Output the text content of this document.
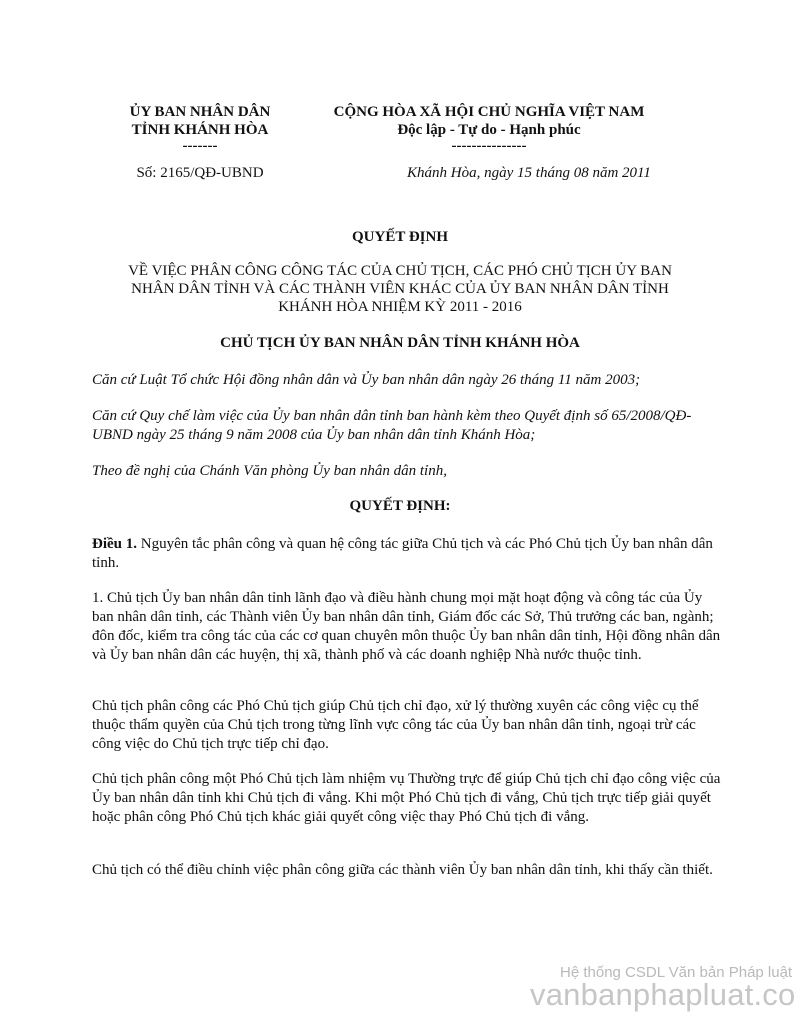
ỦY BAN NHÂN DÂN
TỈNH KHÁNH HÒA
-------
Số: 2165/QĐ-UBND
CỘNG HÒA XÃ HỘI CHỦ NGHĨA VIỆT NAM
Độc lập - Tự do - Hạnh phúc
---------------
Khánh Hòa, ngày 15 tháng 08 năm 2011
QUYẾT ĐỊNH
VỀ VIỆC PHÂN CÔNG CÔNG TÁC CỦA CHỦ TỊCH, CÁC PHÓ CHỦ TỊCH ỦY BAN
NHÂN DÂN TỈNH VÀ CÁC THÀNH VIÊN KHÁC CỦA ỦY BAN NHÂN DÂN TỈNH
KHÁNH HÒA NHIỆM KỲ 2011 - 2016
CHỦ TỊCH ỦY BAN NHÂN DÂN TỈNH KHÁNH HÒA
Căn cứ Luật Tổ chức Hội đồng nhân dân và Ủy ban nhân dân ngày 26 tháng 11 năm 2003;
Căn cứ Quy chế làm việc của Ủy ban nhân dân tỉnh ban hành kèm theo Quyết định số 65/2008/QĐ-UBND ngày 25 tháng 9 năm 2008 của Ủy ban nhân dân tỉnh Khánh Hòa;
Theo đề nghị của Chánh Văn phòng Ủy ban nhân dân tỉnh,
QUYẾT ĐỊNH:
Điều 1. Nguyên tắc phân công và quan hệ công tác giữa Chủ tịch và các Phó Chủ tịch Ủy ban nhân dân tỉnh.
1. Chủ tịch Ủy ban nhân dân tỉnh lãnh đạo và điều hành chung mọi mặt hoạt động và công tác của Ủy ban nhân dân tỉnh, các Thành viên Ủy ban nhân dân tỉnh, Giám đốc các Sở, Thủ trưởng các ban, ngành; đôn đốc, kiểm tra công tác của các cơ quan chuyên môn thuộc Ủy ban nhân dân tỉnh, Hội đồng nhân dân và Ủy ban nhân dân các huyện, thị xã, thành phố và các doanh nghiệp Nhà nước thuộc tỉnh.
Chủ tịch phân công các Phó Chủ tịch giúp Chủ tịch chỉ đạo, xử lý thường xuyên các công việc cụ thể thuộc thẩm quyền của Chủ tịch trong từng lĩnh vực công tác của Ủy ban nhân dân tỉnh, ngoại trừ các công việc do Chủ tịch trực tiếp chỉ đạo.
Chủ tịch phân công một Phó Chủ tịch làm nhiệm vụ Thường trực để giúp Chủ tịch chỉ đạo công việc của Ủy ban nhân dân tỉnh khi Chủ tịch đi vắng. Khi một Phó Chủ tịch đi vắng, Chủ tịch trực tiếp giải quyết hoặc phân công Phó Chủ tịch khác giải quyết công việc thay Phó Chủ tịch đi vắng.
Chủ tịch có thể điều chỉnh việc phân công giữa các thành viên Ủy ban nhân dân tỉnh, khi thấy cần thiết.
Hệ thống CSDL Văn bản Pháp luật
vanbanphapluat.co
